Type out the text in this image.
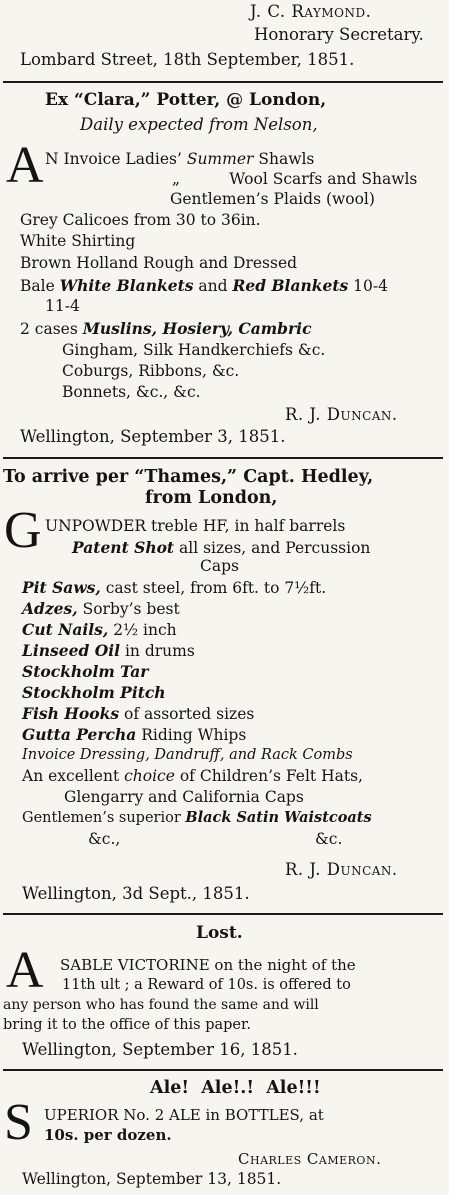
J. C. Raymond.
Honorary Secretary.
Lombard Street, 18th September, 1851.
Ex “Clara,” Potter, @ London,
Daily expected from Nelson,
A N Invoice Ladies’ Summer Shawls
„          Wool Scarfs and Shawls
Gentlemen’s Plaids (wool)
Grey Calicoes from 30 to 36in.
White Shirting
Brown Holland Rough and Dressed
Bale White Blankets and Red Blankets 10-4
11-4
2 cases Muslins, Hosiery, Cambric
Gingham, Silk Handkerchiefs &c.
Coburgs, Ribbons, &c.
Bonnets, &c., &c.
R. J. Duncan.
Wellington, September 3, 1851.
To arrive per “Thames,” Capt. Hedley,
from London,
G UNPOWDER treble HF, in half barrels
Patent Shot all sizes, and Percussion
Caps
Pit Saws, cast steel, from 6ft. to 7½ft.
Adzes, Sorby’s best
Cut Nails, 2½ inch
Linseed Oil in drums
Stockholm Tar
Stockholm Pitch
Fish Hooks of assorted sizes
Gutta Percha Riding Whips
Invoice Dressing, Dandruff, and Rack Combs
An excellent choice of Children’s Felt Hats,
Glengarry and California Caps
Gentlemen’s superior Black Satin Waistcoats
&c.,	&c.
R. J. Duncan.
Wellington, 3d Sept., 1851.
Lost.
A SABLE VICTORINE on the night of the
11th ult ; a Reward of 10s. is offered to
any person who has found the same and will
bring it to the office of this paper.
Wellington, September 16, 1851.
Ale!  Ale!.!  Ale!!!
S UPERIOR No. 2 ALE in BOTTLES, at
10s. per dozen.
Charles Cameron.
Wellington, September 13, 1851.
